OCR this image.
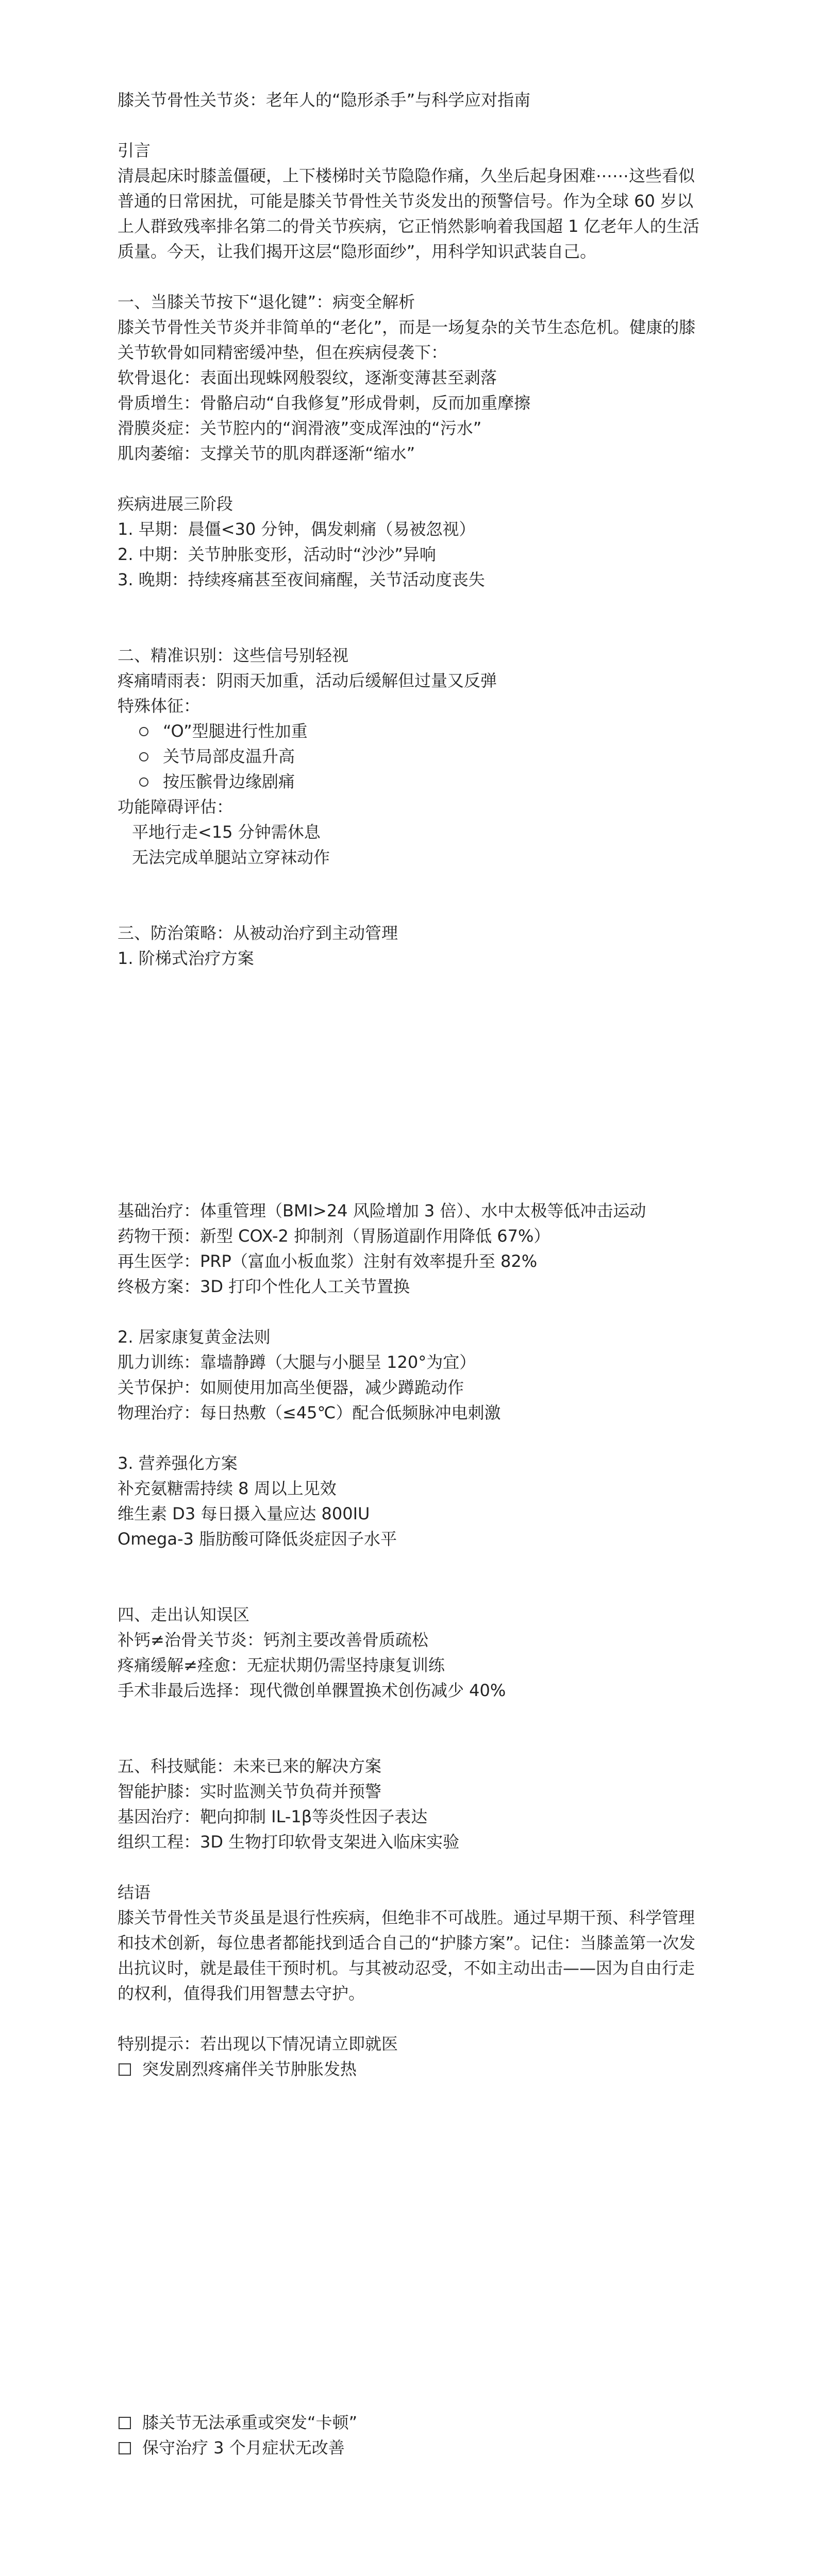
膝关节骨性关节炎：老年人的“隐形杀手”与科学应对指南

引言

清晨起床时膝盖僵硬，上下楼梯时关节隐隐作痛，久坐后起身困难⋯⋯这些看似普通的日常困扰，可能是膝关节骨性关节炎发出的预警信号。作为全球 60 岁以上人群致残率排名第二的骨关节疾病，它正悄然影响着我国超 1 亿老年人的生活质量。今天，让我们揭开这层“隐形面纱”，用科学知识武装自己。

一、当膝关节按下“退化键”：病变全解析

膝关节骨性关节炎并非简单的“老化”，而是一场复杂的关节生态危机。健康的膝关节软骨如同精密缓冲垫，但在疾病侵袭下：

软骨退化：表面出现蛛网般裂纹，逐渐变薄甚至剥落

骨质增生：骨骼启动“自我修复”形成骨刺，反而加重摩擦

滑膜炎症：关节腔内的“润滑液”变成浑浊的“污水”

肌肉萎缩：支撑关节的肌肉群逐渐“缩水”

疾病进展三阶段

1. 早期：晨僵<30 分钟，偶发刺痛（易被忽视）

2. 中期：关节肿胀变形，活动时“沙沙”异响

3. 晚期：持续疼痛甚至夜间痛醒，关节活动度丧失

二、精准识别：这些信号别轻视

疼痛晴雨表：阴雨天加重，活动后缓解但过量又反弹

特殊体征：

“O”型腿进行性加重
关节局部皮温升高
按压髌骨边缘剧痛

功能障碍评估：

平地行走<15 分钟需休息

无法完成单腿站立穿袜动作

三、防治策略：从被动治疗到主动管理

1. 阶梯式治疗方案

基础治疗：体重管理（BMI>24 风险增加 3 倍）、水中太极等低冲击运动

药物干预：新型 COX-2 抑制剂（胃肠道副作用降低 67%）

再生医学：PRP（富血小板血浆）注射有效率提升至 82%

终极方案：3D 打印个性化人工关节置换

2. 居家康复黄金法则

肌力训练：靠墙静蹲（大腿与小腿呈 120°为宜）

关节保护：如厕使用加高坐便器，减少蹲跪动作

物理治疗：每日热敷（≤45℃）配合低频脉冲电刺激

3. 营养强化方案

补充氨糖需持续 8 周以上见效

维生素 D3 每日摄入量应达 800IU

Omega-3 脂肪酸可降低炎症因子水平

四、走出认知误区

补钙≠治骨关节炎：钙剂主要改善骨质疏松

疼痛缓解≠痊愈：无症状期仍需坚持康复训练

手术非最后选择：现代微创单髁置换术创伤减少 40%

五、科技赋能：未来已来的解决方案

智能护膝：实时监测关节负荷并预警

基因治疗：靶向抑制 IL-1β等炎性因子表达

组织工程：3D 生物打印软骨支架进入临床实验

结语

膝关节骨性关节炎虽是退行性疾病，但绝非不可战胜。通过早期干预、科学管理和技术创新，每位患者都能找到适合自己的“护膝方案”。记住：当膝盖第一次发出抗议时，就是最佳干预时机。与其被动忍受，不如主动出击——因为自由行走的权利，值得我们用智慧去守护。

特别提示：若出现以下情况请立即就医

突发剧烈疼痛伴关节肿胀发热
膝关节无法承重或突发“卡顿”
保守治疗 3 个月症状无改善
